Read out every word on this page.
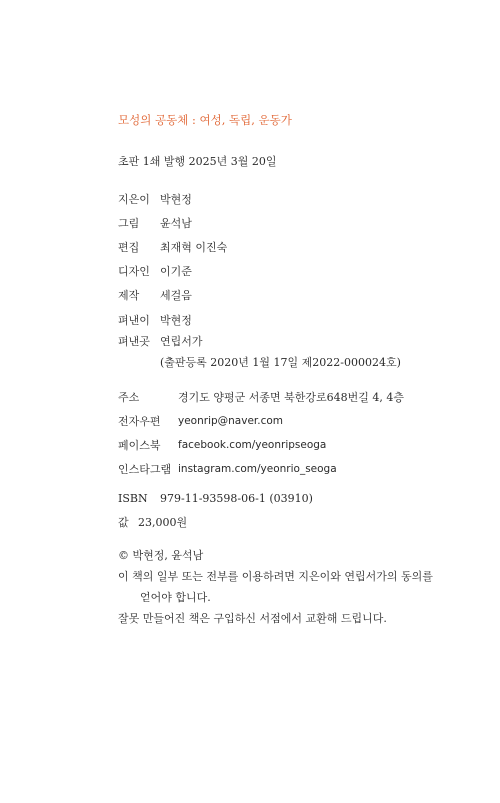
모성의 공동체 : 여성, 독립, 운동가
초판 1쇄 발행 2025년 3월 20일
지은이 박현정
그림	윤석남
편집	최재혁 이진숙
디자인 이기준
제작	세걸음
펴낸이 박현정
펴낸곳 연립서가
(출판등록 2020년 1월 17일 제2022-000024호)
주소	경기도 양평군 서종면 북한강로648번길 4, 4층
전자우편	yeonrip@naver.com
페이스북	facebook.com/yeonripseoga
인스타그램 instagram.com/yeonrio_seoga
ISBN	979-11-93598-06-1 (03910)
값 23,000원
© 박현정, 윤석남
이 책의 일부 또는 전부를 이용하려면 지은이와 연립서가의 동의를
얻어야 합니다.
잘못 만들어진 책은 구입하신 서점에서 교환해 드립니다.
